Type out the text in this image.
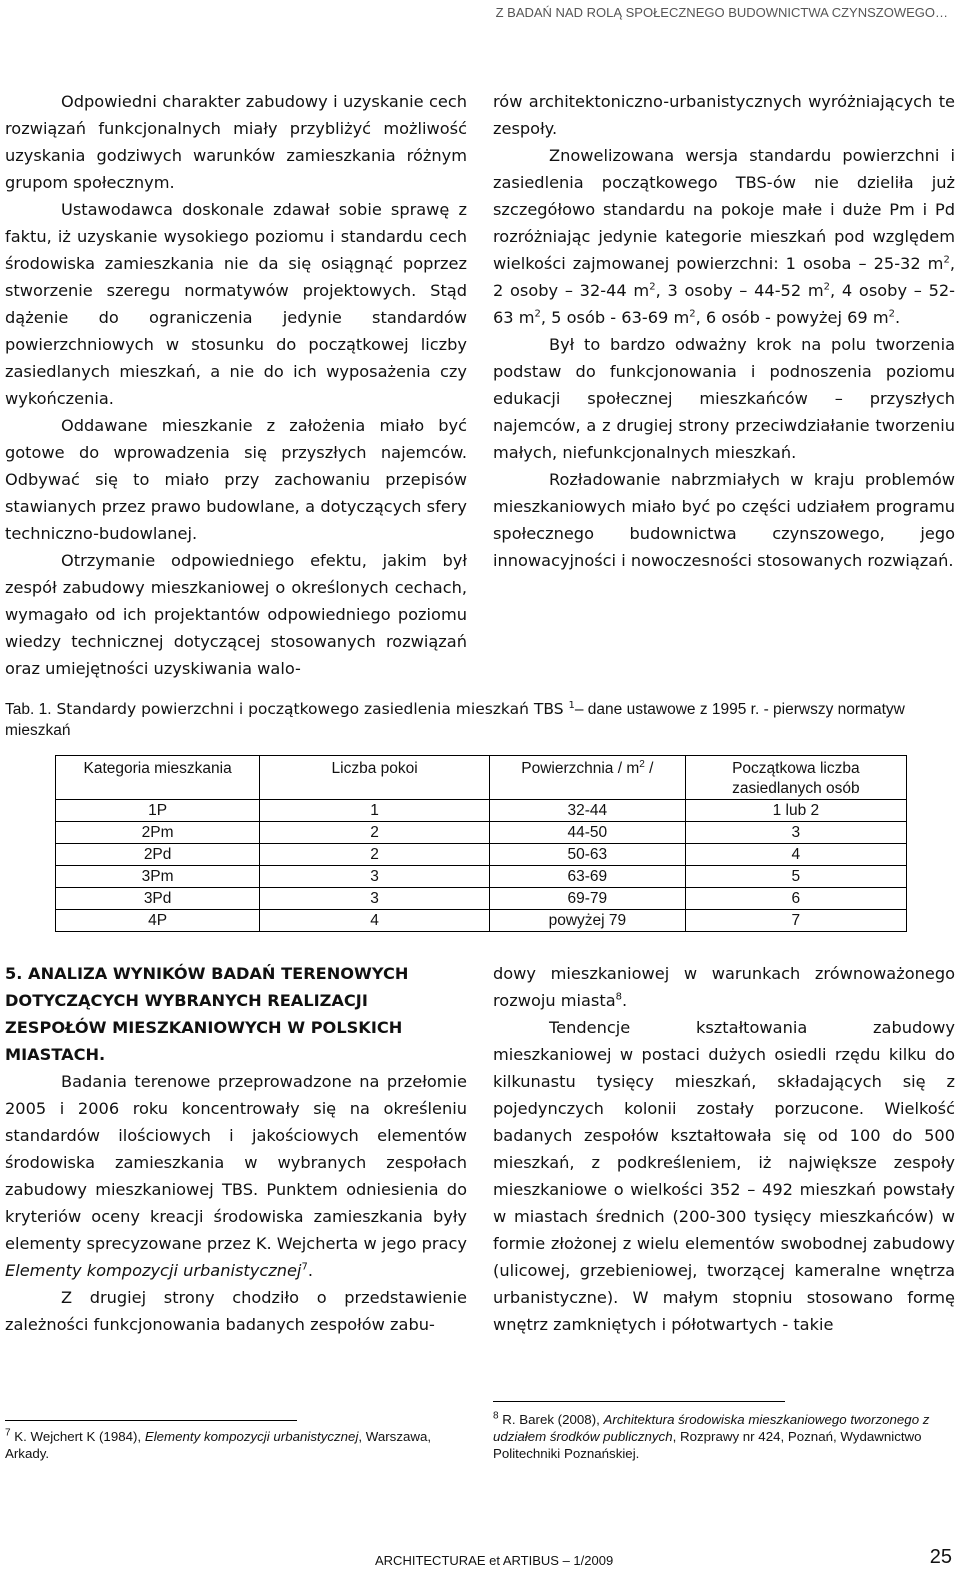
Z BADAŃ NAD ROLĄ SPOŁECZNEGO BUDOWNICTWA CZYNSZOWEGO…

Odpowiedni charakter zabudowy i uzyskanie cech rozwiązań funkcjonalnych miały przybliżyć możliwość uzyskania godziwych warunków zamieszkania różnym grupom społecznym.

Ustawodawca doskonale zdawał sobie sprawę z faktu, iż uzyskanie wysokiego poziomu i standardu cech środowiska zamieszkania nie da się osiągnąć poprzez stworzenie szeregu normatywów projektowych. Stąd dążenie do ograniczenia jedynie standardów powierzchniowych w stosunku do początkowej liczby zasiedlanych mieszkań, a nie do ich wyposażenia czy wykończenia.

Oddawane mieszkanie z założenia miało być gotowe do wprowadzenia się przyszłych najemców. Odbywać się to miało przy zachowaniu przepisów stawianych przez prawo budowlane, a dotyczących sfery techniczno-budowlanej.

Otrzymanie odpowiedniego efektu, jakim był zespół zabudowy mieszkaniowej o określonych cechach, wymagało od ich projektantów odpowiedniego poziomu wiedzy technicznej dotyczącej stosowanych rozwiązań oraz umiejętności uzyskiwania walo-

rów architektoniczno-urbanistycznych wyróżniających te zespoły.

Znowelizowana wersja standardu powierzchni i zasiedlenia początkowego TBS-ów nie dzieliła już szczegółowo standardu na pokoje małe i duże Pm i Pd rozróżniając jedynie kategorie mieszkań pod względem wielkości zajmowanej powierzchni: 1 osoba – 25-32 $m^2$, 2 osoby – 32-44 $m^2$, 3 osoby – 44-52 $m^2$, 4 osoby – 52-63 $m^2$, 5 osób - 63-69 $m^2$, 6 osób - powyżej 69 $m^2$.

Był to bardzo odważny krok na polu tworzenia podstaw do funkcjonowania i podnoszenia poziomu edukacji społecznej mieszkańców – przyszłych najemców, a z drugiej strony przeciwdziałanie tworzeniu małych, niefunkcjonalnych mieszkań.

Rozładowanie nabrzmiałych w kraju problemów mieszkaniowych miało być po części udziałem programu społecznego budownictwa czynszowego, jego innowacyjności i nowoczesności stosowanych rozwiązań.

Tab. 1. Standardy powierzchni i początkowego zasiedlenia mieszkań TBS $^1$– dane ustawowe z 1995 r. - pierwszy normatyw mieszkań
Kategoria mieszkania	Liczba pokoi	Powierzchnia / $m^2$ /	Początkowa liczba zasiedlanych osób
1P	1	32-44	1 lub 2
2Pm	2	44-50	3
2Pd	2	50-63	4
3Pm	3	63-69	5
3Pd	3	69-79	6
4P	4	powyżej 79	7

5. ANALIZA WYNIKÓW BADAŃ TERENOWYCH DOTYCZĄCYCH WYBRANYCH REALIZACJI ZESPOŁÓW MIESZKANIOWYCH W POLSKICH MIASTACH.

Badania terenowe przeprowadzone na przełomie 2005 i 2006 roku koncentrowały się na określeniu standardów ilościowych i jakościowych elementów środowiska zamieszkania w wybranych zespołach zabudowy mieszkaniowej TBS. Punktem odniesienia do kryteriów oceny kreacji środowiska zamieszkania były elementy sprecyzowane przez K. Wejcherta w jego pracy Elementy kompozycji urbanistycznej$^7$.

Z drugiej strony chodziło o przedstawienie zależności funkcjonowania badanych zespołów zabu-

dowy mieszkaniowej w warunkach zrównoważonego rozwoju miasta$^8$.

Tendencje kształtowania zabudowy mieszkaniowej w postaci dużych osiedli rzędu kilku do kilkunastu tysięcy mieszkań, składających się z pojedynczych kolonii zostały porzucone. Wielkość badanych zespołów kształtowała się od 100 do 500 mieszkań, z podkreśleniem, iż największe zespoły mieszkaniowe o wielkości 352 – 492 mieszkań powstały w miastach średnich (200-300 tysięcy mieszkańców) w formie złożonej z wielu elementów swobodnej zabudowy (ulicowej, grzebieniowej, tworzącej kameralne wnętrza urbanistyczne). W małym stopniu stosowano formę wnętrz zamkniętych i półotwartych - takie

$^7$ K. Wejchert K (1984), Elementy kompozycji urbanistycznej, Warszawa, Arkady.
$^8$ R. Barek (2008), Architektura środowiska mieszkaniowego tworzonego z udziałem środków publicznych, Rozprawy nr 424, Poznań, Wydawnictwo Politechniki Poznańskiej.
ARCHITECTURAE et ARTIBUS – 1/2009	25
